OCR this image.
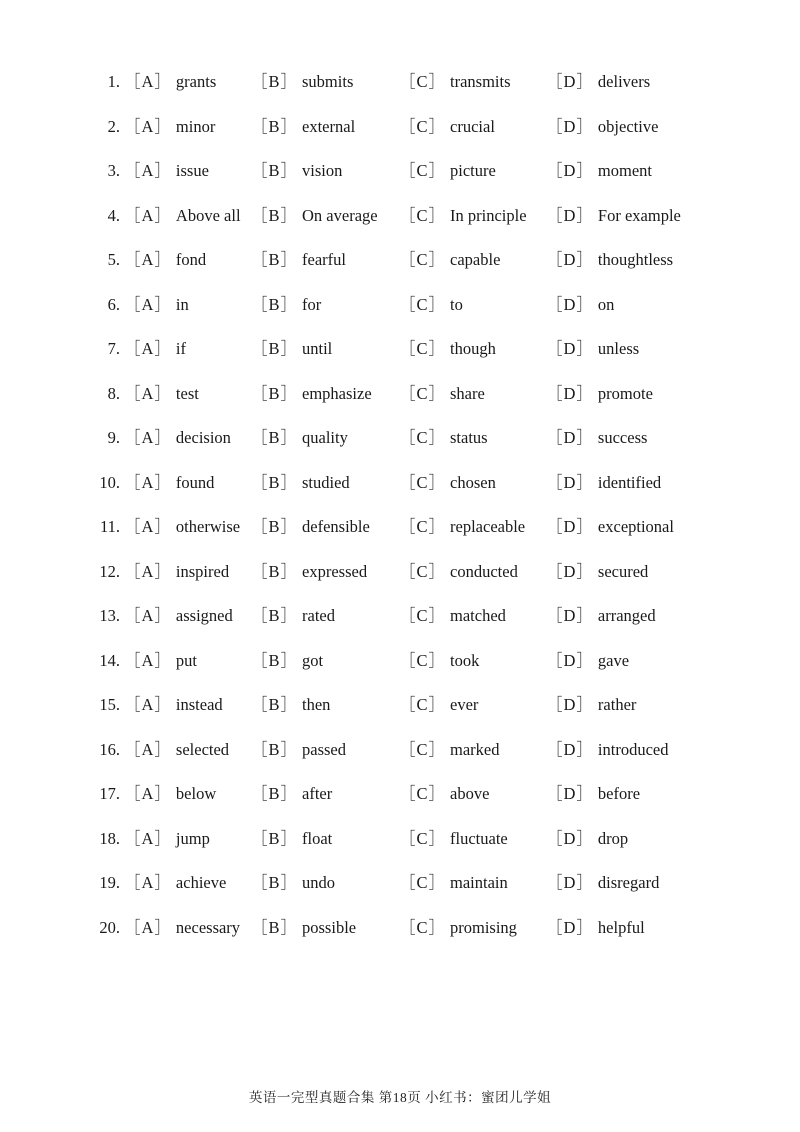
1. ［A］ grants ［B］ submits	［C］ transmits ［D］ delivers
2. ［A］ minor ［B］ external	［C］ crucial	［D］ objective
3. ［A］ issue	［B］ vision	［C］ picture	［D］ moment
4. ［A］ Above all ［B］ On average ［C］ In principle ［D］ For example
5. ［A］ fond	［B］ fearful	［C］ capable	［D］ thoughtless
6. ［A］ in	［B］ for	［C］ to	［D］ on
7. ［A］ if	［B］ until	［C］ though	［D］ unless
8. ［A］ test	［B］ emphasize ［C］ share	［D］ promote
9. ［A］ decision ［B］ quality	［C］ status	［D］ success
10. ［A］ found ［B］ studied	［C］ chosen	［D］ identified
11. ［A］ otherwise ［B］ defensible ［C］ replaceable ［D］ exceptional
12. ［A］ inspired ［B］ expressed ［C］ conducted ［D］ secured
13. ［A］ assigned ［B］ rated	［C］ matched ［D］ arranged
14. ［A］ put	［B］ got	［C］ took	［D］ gave
15. ［A］ instead ［B］ then	［C］ ever	［D］ rather
16. ［A］ selected ［B］ passed	［C］ marked	［D］ introduced
17. ［A］ below ［B］ after	［C］ above	［D］ before
18. ［A］ jump ［B］ float	［C］ fluctuate ［D］ drop
19. ［A］ achieve ［B］ undo	［C］ maintain ［D］ disregard
20. ［A］ necessary ［B］ possible	［C］ promising ［D］ helpful
英语一完型真题合集 第18页 小红书：蜜团儿学姐
